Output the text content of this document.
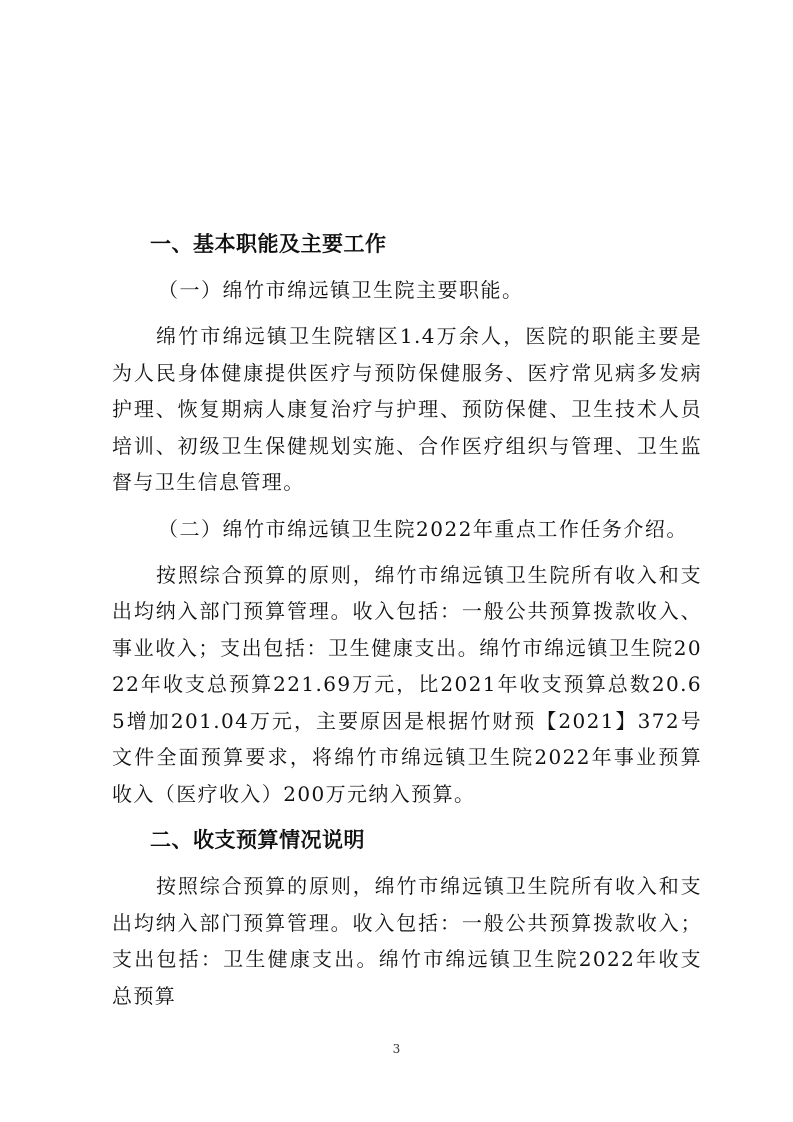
一、基本职能及主要工作
（一）绵竹市绵远镇卫生院主要职能。

绵竹市绵远镇卫生院辖区1.4万余人，医院的职能主要是为人民身体健康提供医疗与预防保健服务、医疗常见病多发病护理、恢复期病人康复治疗与护理、预防保健、卫生技术人员培训、初级卫生保健规划实施、合作医疗组织与管理、卫生监督与卫生信息管理。

（二）绵竹市绵远镇卫生院2022年重点工作任务介绍。

按照综合预算的原则，绵竹市绵远镇卫生院所有收入和支出均纳入部门预算管理。收入包括：一般公共预算拨款收入、事业收入；支出包括：卫生健康支出。绵竹市绵远镇卫生院2022年收支总预算221.69万元，比2021年收支预算总数20.65增加201.04万元，主要原因是根据竹财预【2021】372号文件全面预算要求，将绵竹市绵远镇卫生院2022年事业预算收入（医疗收入）200万元纳入预算。

二、收支预算情况说明

按照综合预算的原则，绵竹市绵远镇卫生院所有收入和支出均纳入部门预算管理。收入包括：一般公共预算拨款收入；支出包括：卫生健康支出。绵竹市绵远镇卫生院2022年收支总预算

3
